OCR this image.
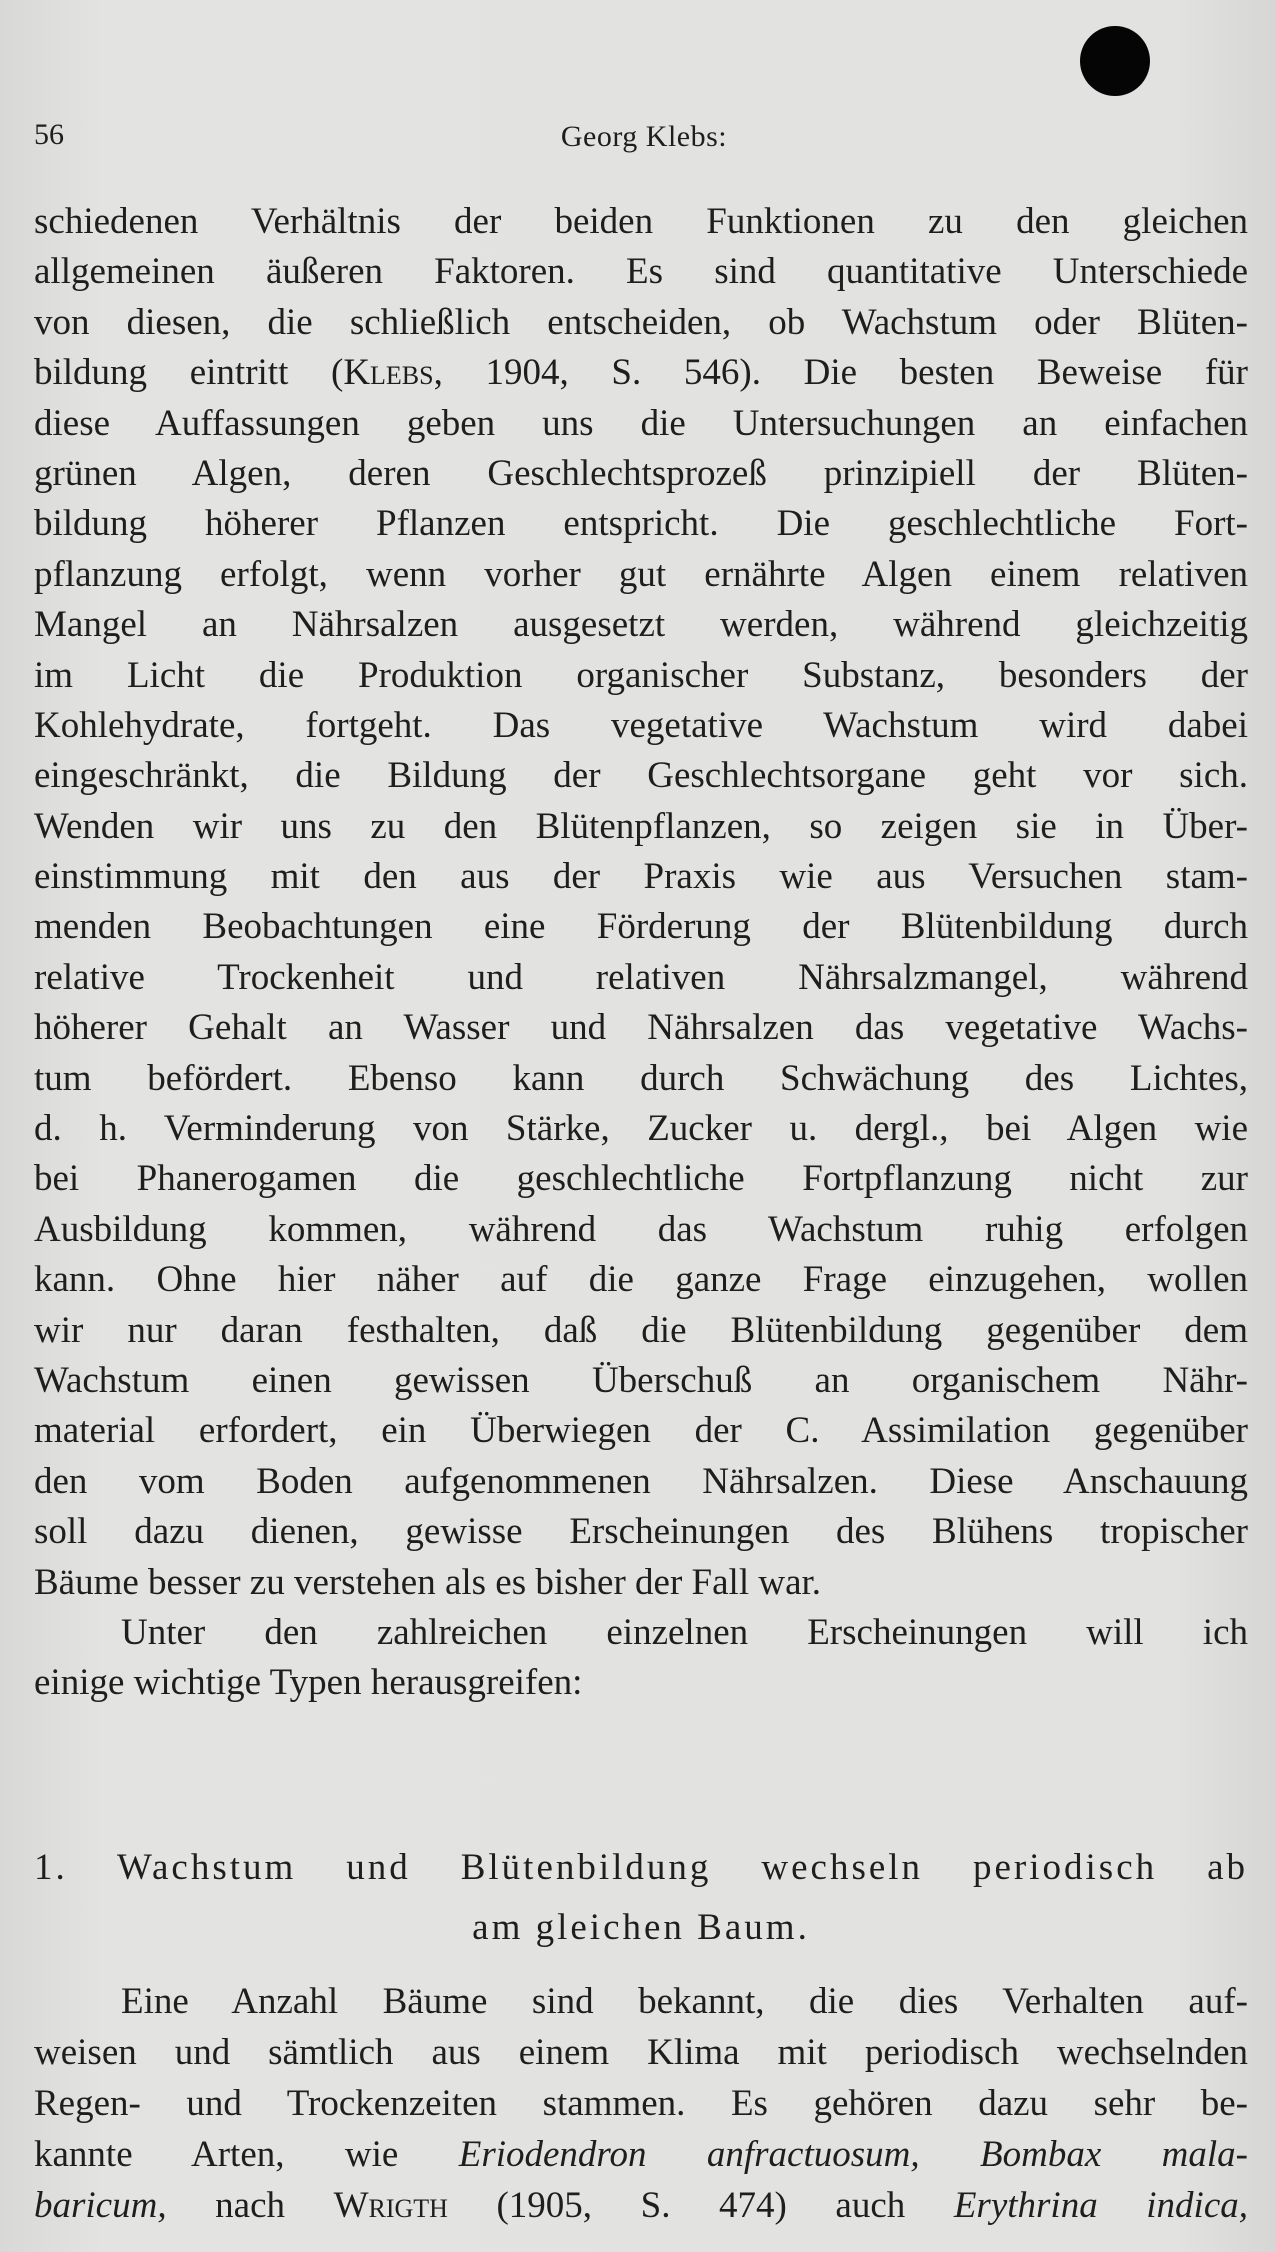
56	Georg Klebs:
schiedenen Verhältnis der beiden Funktionen zu den gleichen
allgemeinen äußeren Faktoren. Es sind quantitative Unterschiede
von diesen, die schließlich entscheiden, ob Wachstum oder Blüten-
bildung eintritt (Klebs, 1904, S. 546). Die besten Beweise für
diese Auffassungen geben uns die Untersuchungen an einfachen
grünen Algen, deren Geschlechtsprozeß prinzipiell der Blüten-
bildung höherer Pflanzen entspricht. Die geschlechtliche Fort-
pflanzung erfolgt, wenn vorher gut ernährte Algen einem relativen
Mangel an Nährsalzen ausgesetzt werden, während gleichzeitig
im Licht die Produktion organischer Substanz, besonders der
Kohlehydrate, fortgeht. Das vegetative Wachstum wird dabei
eingeschränkt, die Bildung der Geschlechtsorgane geht vor sich.
Wenden wir uns zu den Blütenpflanzen, so zeigen sie in Über-
einstimmung mit den aus der Praxis wie aus Versuchen stam-
menden Beobachtungen eine Förderung der Blütenbildung durch
relative Trockenheit und relativen Nährsalzmangel, während
höherer Gehalt an Wasser und Nährsalzen das vegetative Wachs-
tum befördert. Ebenso kann durch Schwächung des Lichtes,
d. h. Verminderung von Stärke, Zucker u. dergl., bei Algen wie
bei Phanerogamen die geschlechtliche Fortpflanzung nicht zur
Ausbildung kommen, während das Wachstum ruhig erfolgen
kann. Ohne hier näher auf die ganze Frage einzugehen, wollen
wir nur daran festhalten, daß die Blütenbildung gegenüber dem
Wachstum einen gewissen Überschuß an organischem Nähr-
material erfordert, ein Überwiegen der C. Assimilation gegenüber
den vom Boden aufgenommenen Nährsalzen. Diese Anschauung
soll dazu dienen, gewisse Erscheinungen des Blühens tropischer
Bäume besser zu verstehen als es bisher der Fall war.
Unter den zahlreichen einzelnen Erscheinungen will ich
einige wichtige Typen herausgreifen:
1. Wachstum und Blütenbildung wechseln periodisch ab
am gleichen Baum.
Eine Anzahl Bäume sind bekannt, die dies Verhalten auf-
weisen und sämtlich aus einem Klima mit periodisch wechselnden
Regen- und Trockenzeiten stammen. Es gehören dazu sehr be-
kannte Arten, wie Eriodendron anfractuosum, Bombax mala-
baricum, nach Wrigth (1905, S. 474) auch Erythrina indica,
